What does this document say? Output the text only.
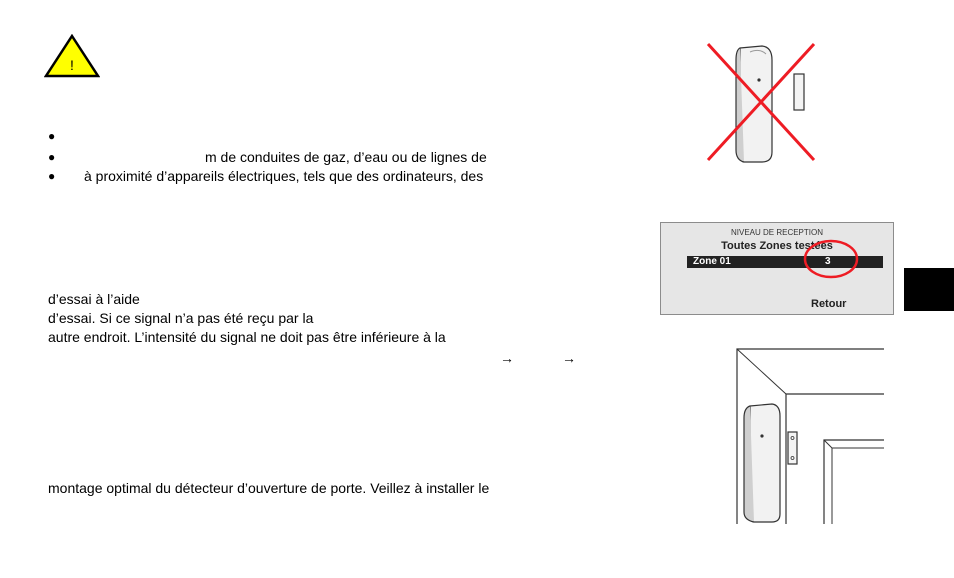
!
●
●	m de conduites de gaz, d’eau ou de lignes de
● à proximité d’appareils électriques, tels que des ordinateurs, des
d’essai à l’aide
d’essai. Si ce signal n’a pas été reçu par la
autre endroit. L’intensité du signal ne doit pas être inférieure à la
→	→
montage optimal du détecteur d’ouverture de porte. Veillez à installer le
NIVEAU DE RECEPTION
Toutes Zones testées
Zone 01	3
Retour
